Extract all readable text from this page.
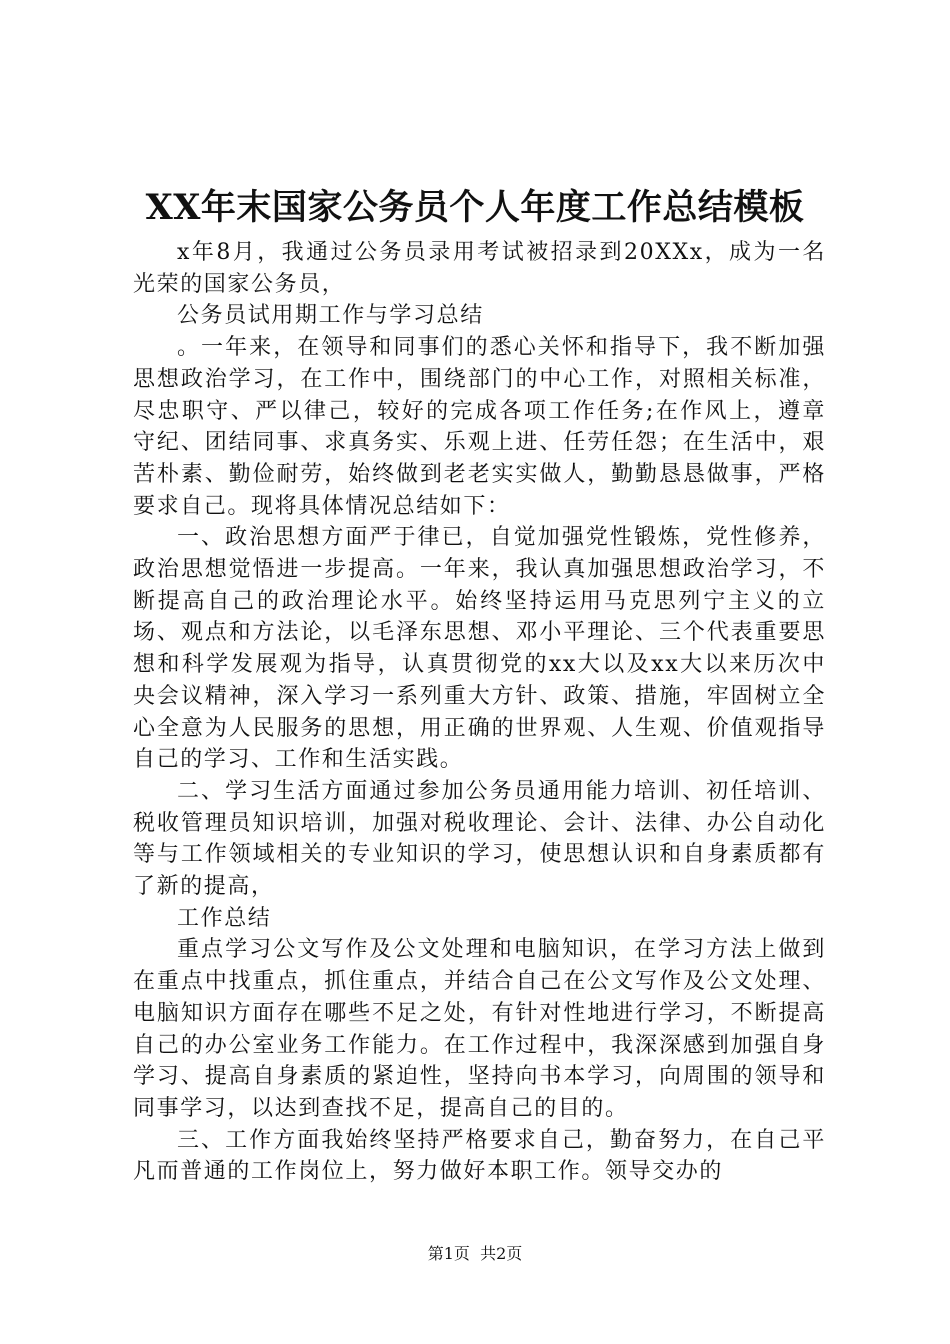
XX年末国家公务员个人年度工作总结模板

x年8月，我通过公务员录用考试被招录到20XXx，成为一名光荣的国家公务员，

公务员试用期工作与学习总结

。一年来，在领导和同事们的悉心关怀和指导下，我不断加强思想政治学习，在工作中，围绕部门的中心工作，对照相关标准，尽忠职守、严以律己，较好的完成各项工作任务;在作风上，遵章守纪、团结同事、求真务实、乐观上进、任劳任怨；在生活中，艰苦朴素、勤俭耐劳，始终做到老老实实做人，勤勤恳恳做事，严格要求自己。现将具体情况总结如下：

一、政治思想方面严于律已，自觉加强党性锻炼，党性修养，政治思想觉悟进一步提高。一年来，我认真加强思想政治学习，不断提高自己的政治理论水平。始终坚持运用马克思列宁主义的立场、观点和方法论，以毛泽东思想、邓小平理论、三个代表重要思想和科学发展观为指导，认真贯彻党的xx大以及xx大以来历次中央会议精神，深入学习一系列重大方针、政策、措施，牢固树立全心全意为人民服务的思想，用正确的世界观、人生观、价值观指导自己的学习、工作和生活实践。

二、学习生活方面通过参加公务员通用能力培训、初任培训、税收管理员知识培训，加强对税收理论、会计、法律、办公自动化等与工作领域相关的专业知识的学习，使思想认识和自身素质都有了新的提高，

工作总结

重点学习公文写作及公文处理和电脑知识，在学习方法上做到在重点中找重点，抓住重点，并结合自己在公文写作及公文处理、电脑知识方面存在哪些不足之处，有针对性地进行学习，不断提高自己的办公室业务工作能力。在工作过程中，我深深感到加强自身学习、提高自身素质的紧迫性，坚持向书本学习，向周围的领导和同事学习，以达到查找不足，提高自己的目的。

三、工作方面我始终坚持严格要求自己，勤奋努力，在自己平凡而普通的工作岗位上，努力做好本职工作。领导交办的

第1页 共2页
